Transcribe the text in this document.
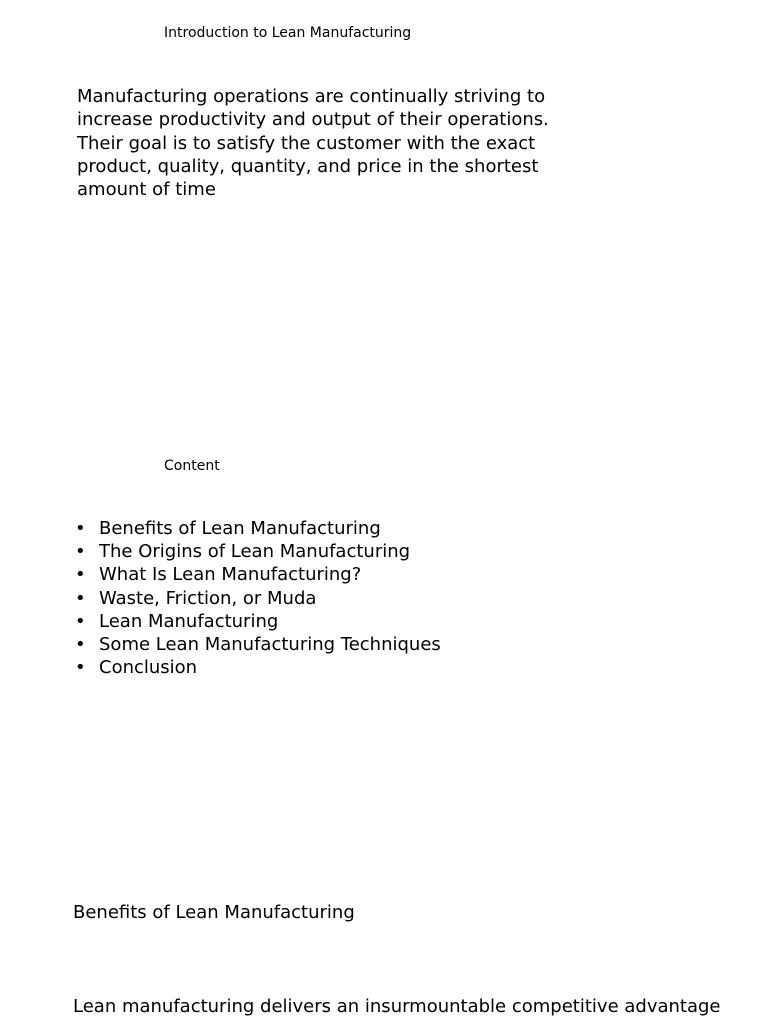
Introduction to Lean Manufacturing

Manufacturing operations are continually striving to increase productivity and output of their operations. Their goal is to satisfy the customer with the exact product, quality, quantity, and price in the shortest amount of time

Content
• Benefits of Lean Manufacturing
• The Origins of Lean Manufacturing
• What Is Lean Manufacturing?
• Waste, Friction, or Muda
• Lean Manufacturing
• Some Lean Manufacturing Techniques
• Conclusion
Benefits of Lean Manufacturing

Lean manufacturing delivers an insurmountable competitive advantage
